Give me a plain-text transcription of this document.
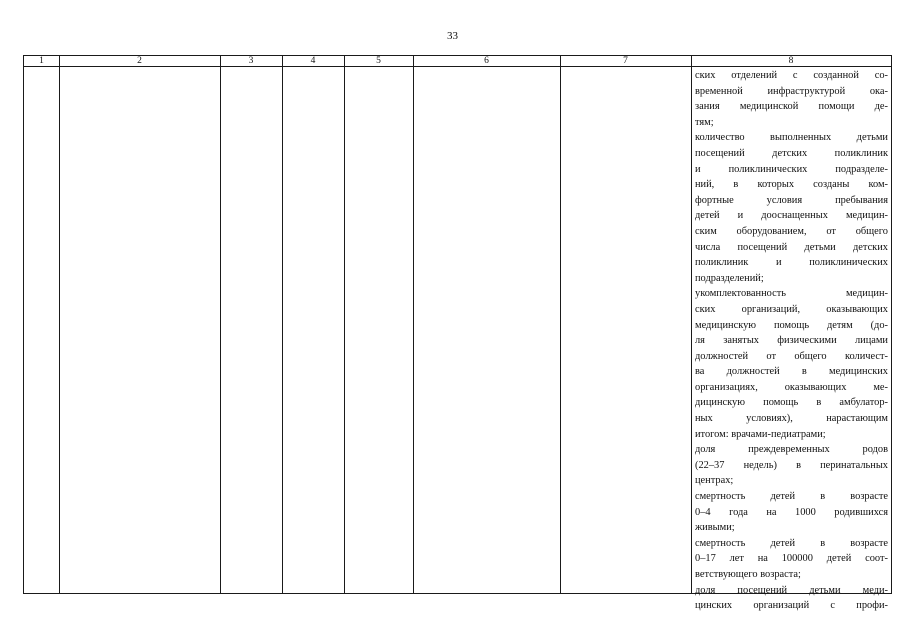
33
1	2	3	4	5	6	7	8
ских отделений с созданной со-
временной инфраструктурой ока-
зания медицинской помощи де-
тям;
количество выполненных детьми
посещений детских поликлиник
и поликлинических подразделе-
ний, в которых созданы ком-
фортные условия пребывания
детей и дооснащенных медицин-
ским оборудованием, от общего
числа посещений детьми детских
поликлиник и поликлинических
подразделений;
укомплектованность медицин-
ских организаций, оказывающих
медицинскую помощь детям (до-
ля занятых физическими лицами
должностей от общего количест-
ва должностей в медицинских
организациях, оказывающих ме-
дицинскую помощь в амбулатор-
ных условиях), нарастающим
итогом: врачами-педиатрами;
доля преждевременных родов
(22–37 недель) в перинатальных
центрах;
смертность детей в возрасте
0–4 года на 1000 родившихся
живыми;
смертность детей в возрасте
0–17 лет на 100000 детей соот-
ветствующего возраста;
доля посещений детьми меди-
цинских организаций с профи-
